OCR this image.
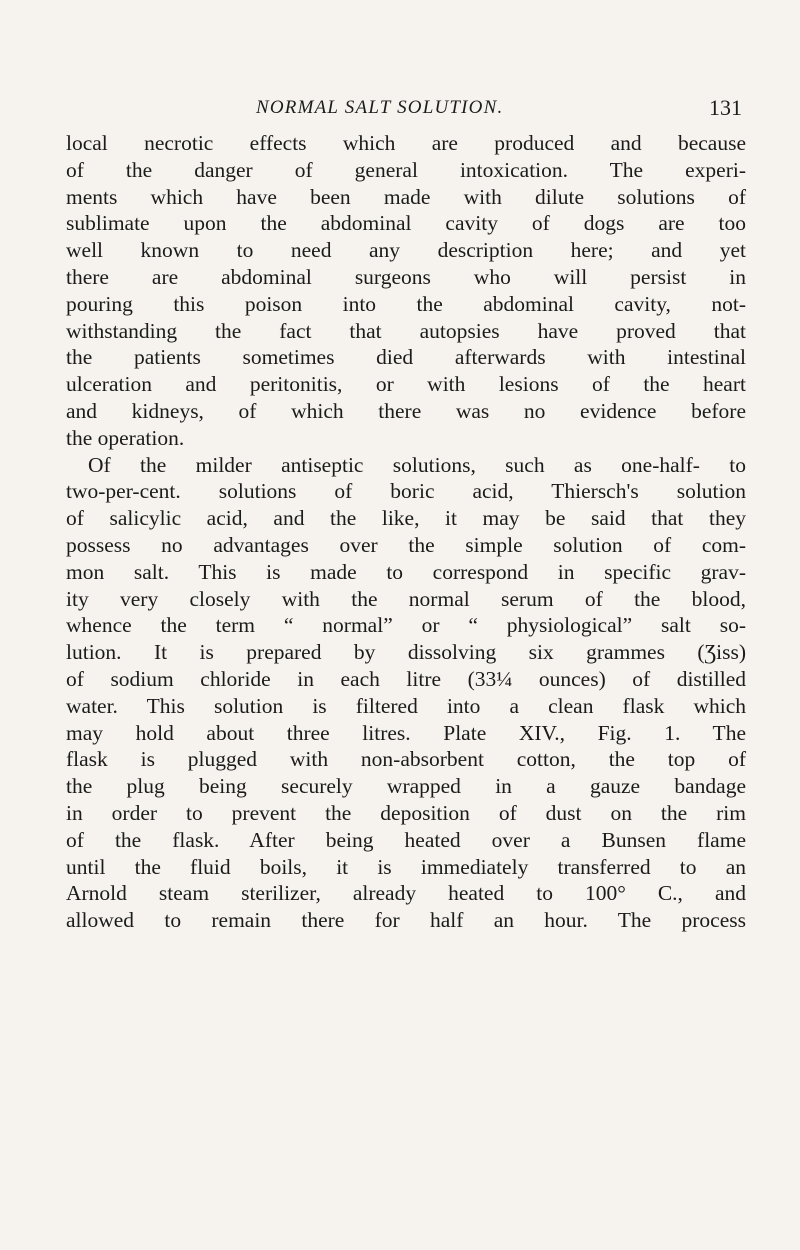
NORMAL SALT SOLUTION.	131

local necrotic effects which are produced and because
of the danger of general intoxication. The experi-
ments which have been made with dilute solutions of
sublimate upon the abdominal cavity of dogs are too
well known to need any description here; and yet
there are abdominal surgeons who will persist in
pouring this poison into the abdominal cavity, not-
withstanding the fact that autopsies have proved that
the patients sometimes died afterwards with intestinal
ulceration and peritonitis, or with lesions of the heart
and kidneys, of which there was no evidence before
the operation.

Of the milder antiseptic solutions, such as one-half- to
two-per-cent. solutions of boric acid, Thiersch's solution
of salicylic acid, and the like, it may be said that they
possess no advantages over the simple solution of com-
mon salt. This is made to correspond in specific grav-
ity very closely with the normal serum of the blood,
whence the term “ normal” or “ physiological” salt so-
lution. It is prepared by dissolving six grammes (Ʒiss)
of sodium chloride in each litre (33¼ ounces) of distilled
water. This solution is filtered into a clean flask which
may hold about three litres. Plate XIV., Fig. 1. The
flask is plugged with non-absorbent cotton, the top of
the plug being securely wrapped in a gauze bandage
in order to prevent the deposition of dust on the rim
of the flask. After being heated over a Bunsen flame
until the fluid boils, it is immediately transferred to an
Arnold steam sterilizer, already heated to 100° C., and
allowed to remain there for half an hour. The process
